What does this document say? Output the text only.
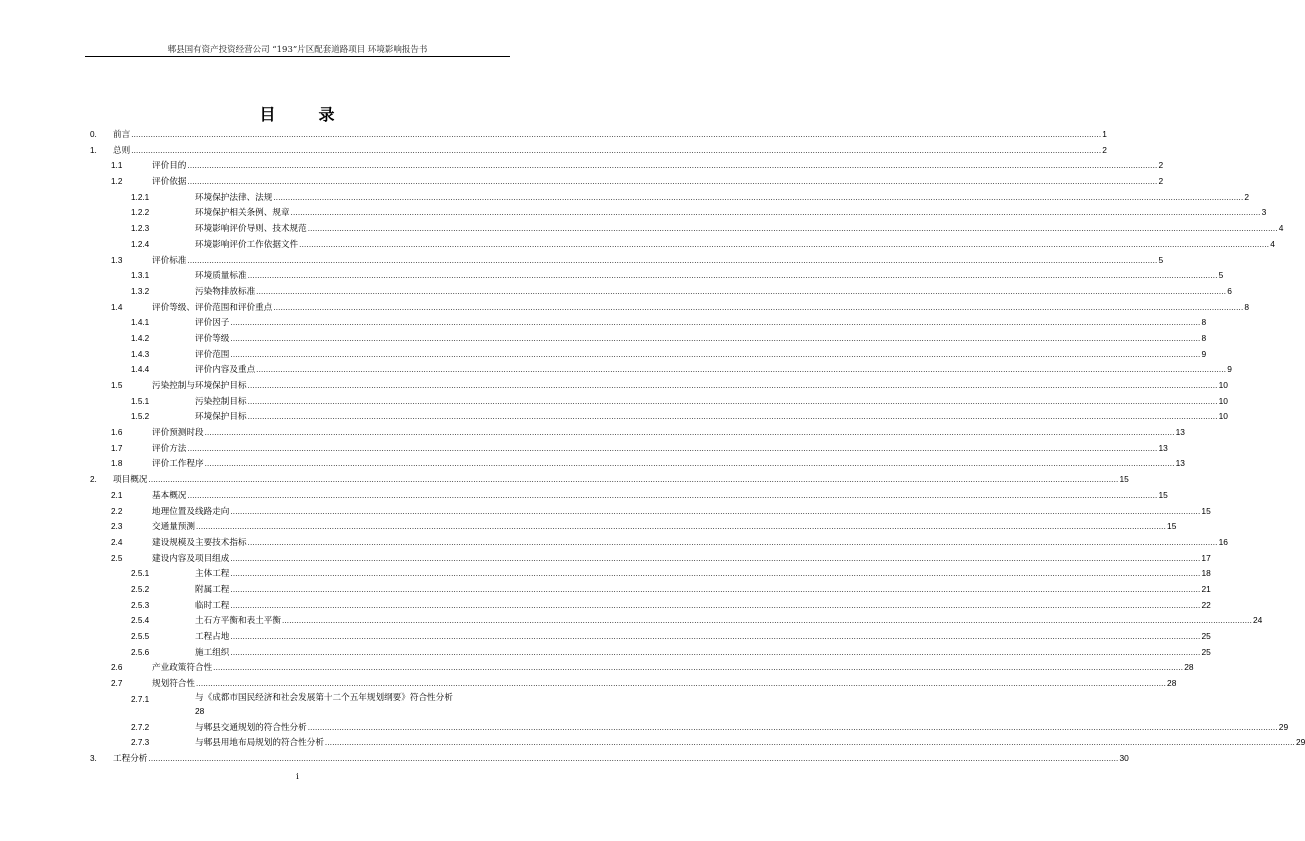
郫县国有资产投资经营公司 “193”片区配套道路项目 环境影响报告书
目	录
0. 前言 ................................................................................................................................................................................................................................................................................................................................................................................................................ 1
1. 总则 ................................................................................................................................................................................................................................................................................................................................................................................................................ 2
1.1	评价目的 ................................................................................................................................................................................................................................................................................................................................................................................................................ 2
1.2	评价依据 ................................................................................................................................................................................................................................................................................................................................................................................................................ 2
1.2.1	环境保护法律、法规 ................................................................................................................................................................................................................................................................................................................................................................................................................ 2
1.2.2	环境保护相关条例、规章 ................................................................................................................................................................................................................................................................................................................................................................................................................ 3
1.2.3	环境影响评价导则、技术规范 ................................................................................................................................................................................................................................................................................................................................................................................................................ 4
1.2.4	环境影响评价工作依据文件 ................................................................................................................................................................................................................................................................................................................................................................................................................ 4
1.3	评价标准 ................................................................................................................................................................................................................................................................................................................................................................................................................ 5
1.3.1	环境质量标准 ................................................................................................................................................................................................................................................................................................................................................................................................................ 5
1.3.2	污染物排放标准 ................................................................................................................................................................................................................................................................................................................................................................................................................ 6
1.4	评价等级、评价范围和评价重点 ................................................................................................................................................................................................................................................................................................................................................................................................................ 8
1.4.1	评价因子 ................................................................................................................................................................................................................................................................................................................................................................................................................ 8
1.4.2	评价等级 ................................................................................................................................................................................................................................................................................................................................................................................................................ 8
1.4.3	评价范围 ................................................................................................................................................................................................................................................................................................................................................................................................................ 9
1.4.4	评价内容及重点 ................................................................................................................................................................................................................................................................................................................................................................................................................ 9
1.5	污染控制与环境保护目标 ................................................................................................................................................................................................................................................................................................................................................................................................................ 10
1.5.1	污染控制目标 ................................................................................................................................................................................................................................................................................................................................................................................................................ 10
1.5.2	环境保护目标 ................................................................................................................................................................................................................................................................................................................................................................................................................ 10
1.6	评价预测时段 ................................................................................................................................................................................................................................................................................................................................................................................................................ 13
1.7	评价方法 ................................................................................................................................................................................................................................................................................................................................................................................................................ 13
1.8	评价工作程序 ................................................................................................................................................................................................................................................................................................................................................................................................................ 13
2. 项目概况 ................................................................................................................................................................................................................................................................................................................................................................................................................ 15
2.1	基本概况 ................................................................................................................................................................................................................................................................................................................................................................................................................ 15
2.2	地理位置及线路走向 ................................................................................................................................................................................................................................................................................................................................................................................................................ 15
2.3	交通量预测 ................................................................................................................................................................................................................................................................................................................................................................................................................ 15
2.4	建设规模及主要技术指标 ................................................................................................................................................................................................................................................................................................................................................................................................................ 16
2.5	建设内容及项目组成 ................................................................................................................................................................................................................................................................................................................................................................................................................ 17
2.5.1	主体工程 ................................................................................................................................................................................................................................................................................................................................................................................................................ 18
2.5.2	附属工程 ................................................................................................................................................................................................................................................................................................................................................................................................................ 21
2.5.3	临时工程 ................................................................................................................................................................................................................................................................................................................................................................................................................ 22
2.5.4	土石方平衡和表土平衡 ................................................................................................................................................................................................................................................................................................................................................................................................................ 24
2.5.5	工程占地 ................................................................................................................................................................................................................................................................................................................................................................................................................ 25
2.5.6	施工组织 ................................................................................................................................................................................................................................................................................................................................................................................................................ 25
2.6	产业政策符合性 ................................................................................................................................................................................................................................................................................................................................................................................................................ 28
2.7	规划符合性 ................................................................................................................................................................................................................................................................................................................................................................................................................ 28
2.7.1	与《成都市国民经济和社会发展第十二个五年规划纲要》符合性分析
28
2.7.2	与郫县交通规划的符合性分析 ................................................................................................................................................................................................................................................................................................................................................................................................................ 29
2.7.3	与郫县用地布局规划的符合性分析 ................................................................................................................................................................................................................................................................................................................................................................................................................ 29
3. 工程分析 ................................................................................................................................................................................................................................................................................................................................................................................................................ 30
i
